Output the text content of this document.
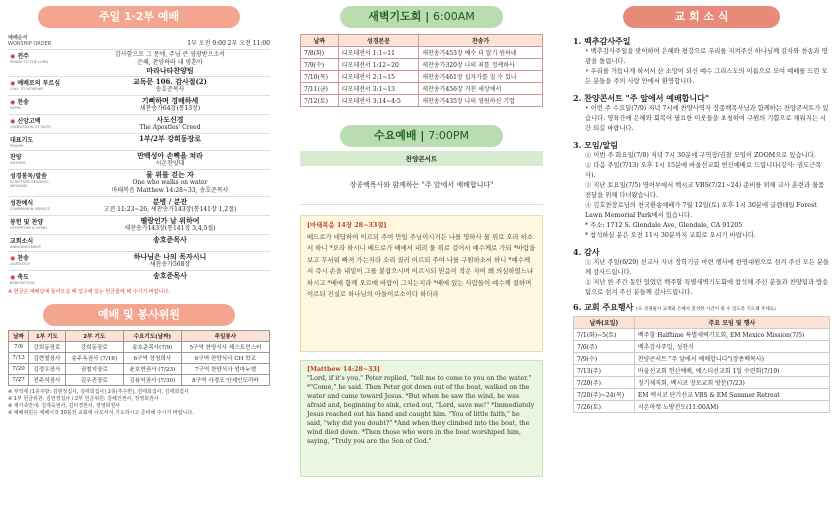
주일 1·2부 예배
예배순서
WORSHIP ORDER	1부 오전 9:00 2부 오전 11:00
◉ 전주
PRAISE TO THE LORD
감사함으로 그 문에, 주님 큰 영광받으소서
은혜, 찬양하라 내 영혼아
마라나타찬양팀
◉ 예배로의 부르심
CALL TO WORSHIP
교독문 106. 감사절(2)
송호준목사
◉ 찬송
HYMN
기뻐하며 경배하세
새찬송가64장(통13장)
◉ 신앙고백
CONFESSION OF FAITH
사도신경
The Apostles' Creed
대표기도
PRAYER
1부/2부 강희동장로
찬양
ANTHEM
만백성아 손뼉을 쳐라
시온찬양대
성경봉독/말씀
SCRIPTURE READING / MESSAGE
물 위를 걷는 자
One who walks on water
마태복음 Matthew 14:28~33, 송호준목사
성찬예식
COMMUNION SERVICE
분병 / 분잔
고전 11:23~26, 새찬송가143장(통141장 1,2절)
봉헌 및 찬양
OFFERTORY & HYMN
펠랑인가 날 위하여
새찬송가143장(통141장 3,4,5절)
교회소식
ANNOUNCEMENT
송호준목사
◉ 찬송
DOXOLOGY
하나님은 나의 목자시니
새찬송가568장
◉ 축도
BENEDICTION
송호준목사
※ 헌금은 예배당에 들어오실 때 입구에 있는 헌금함에 해 주시기 바랍니다.
예배 및 봉사위원
날짜	1부 기도	2부 기도	수요기도(날짜)	주일봉사
7/6	강희동장로	강희동장로	송호준목사(7/9)	5구역 찬양식사 헤스트민스터
7/13	김현철장사	송주옥권사 (7/16)	6구역 장청희사	6구역 찬양식사 CH 학교
7/20	김정우장사	권철지장로	윤호현권사 (7/23)	7구역 찬양식사 엄마누엘
7/27	전주석장사	김우진장로	김용익권사 (7/30)	8구역 사경조 안세인도리바
※ 부엌에 (1층주방: 김현정집사, 김태희집사) 2층(추수반), 김태희집사, 김태희집사
※ 1부 헌금위원: 김연정집사 / 2부 헌금위원: 김혜진권사, 정영희권사
※ 새가족안내: 김재숙권사, 김미경권사, 정영희권사
※ 예배위원은 예배시작 30분전 교회에 나오셔서 기도하시고 준비해 주시기 바랍니다.
새벽기도회 | 6:00AM
날짜	성경본문	찬송가
7/8(화)	디모데전서 1:1~11	새찬송가453장 예수 더 알기 원하네
7/9(수)	디모데전서 1:12~20	새찬송가320장 나의 죄를 정케하사
7/10(목)	디모데전서 2:1~15	새찬송가461장 십자가를 질 수 있나
7/11(금)	디모데전서 3:1~13	새찬송가456장 거친 세상에서
7/12(토)	디모데전서 3:14~4:5	새찬송가435장 나의 영원하신 기업
수요예배 | 7:00PM
찬양콘서트
장종백목사와 함께하는 "주 앞에서 예배합니다"
[마태복음 14장 28~33절]
베드로가 대답하여 이르되 주여 만일 주님이시거든 나를 명하사 물 위로 오라 하소서 하니 *오라 하시니 베드로가 배에서 내려 물 위로 걸어서 예수께로 가되 *바람을 보고 무서워 빠져 가는지라 소리 질러 이르되 주여 나를 구원하소서 하니 *예수께서 즉시 손을 내밀어 그를 붙잡으시며 이르시되 믿음이 작은 자여 왜 의심하였느냐 하시고 *배에 함께 오르매 바람이 그치는지라 *배에 있는 사람들이 예수께 절하며 이르되 진실로 하나님의 아들이로소이다 하더라
[Matthew 14:28~33]
"Lord, if it's you," Peter replied, "tell me to come to you on the water." *"Come," he said. Then Peter got down out of the boat, walked on the water and came toward Jesus. *But when he saw the wind, he was afraid and, beginning to sink, cried out, "Lord, save me!" *Immediately Jesus reached out his hand and caught him. "You of little faith," he said, "why did you doubt?" *And when they climbed into the boat, the wind died down. *Then those who were in the boat worshiped him, saying, "Truly you are the Son of God."
교 회 소 식
1. 백추감사주일
• 백추감사주일을 맞이하여 은혜와 평강으로 우리를 지켜주신 하나님께 감사와 찬송과 영광을 돌립니다.
• 우리를 거듭나게 하셔서 산 소망이 되신 예수 그리스도의 이름으로 모여 예배를 드린 모든 분들을 주의 사랑 안에서 환영합니다.
2. 찬양콘서트 "주 앞에서 예배합니다"
• 이번 주 수요일(7/9) 저녁 7시에 찬양사역자 장종백목사님과 함께하는 찬양콘서트가 있습니다. 영육간에 은혜와 회복이 필요한 이웃들을 초청하여 구원의 기쁨으로 채워지는 시간 되길 바랍니다.
3. 모임/알림
① 이번 주 화요일(7/8) 저녁 7시 30분에 구역장/권찰 모임이 ZOOM으로 있습니다.
② 다음 주일(7/13) 오후 1시 15분에 바울선교회 헌신예배로 드립니다(강사: 권도근목사).
③ 지난 토요일(7/5) 영어부에서 벡시코 VBS(7/21~24) 준비를 위해 교사 훈련과 물품전달을 위해 다녀왔습니다.
④ 김호찬장로님의 천국환송예배가 7월 12일(토) 오후 1시 30분에 글렌데일 Forest Lawn Memorial Park에서 있습니다.
* 주소: 1712 S. Glendale Ave, Glendale, CA 91205
* 참석하실 분은 오전 11시 30분까지 교회로 오시기 바랍니다.
4. 감사
① 지난 주일(6/29) 선교사 자녀 장학기금 마련 행사에 한영대원으로 섬겨 주신 모든 분들께 감사드립니다.
② 지난 한 주간 동안 있었던 백주할 특별새벽기도회에 참석해 주신 분들과 찬양팀과 방송팀으로 섬겨 주신 분들께 감사드립니다.
6. 교회 주요행사 (※ 성경필사 교재와 은혜사 봉성한 시간이 될 수 있도록 기도해 주세요)
날짜(요일)	주요 모임 및 행사
7/1(화)~5(토)	백주할 Halftime 특별새벽기도회, EM Mexico Mission(7/5)
7/6(주)	백추감사주일, 성찬식
7/9(수)	찬양콘서트 "주 앞에서 예배합니다"(장종백목사)
7/13(주)	바울선교회 헌신예배, 에스더선교회 1일 수련회(7/19)
7/20(주)	정기제직회, 벡시코 장로교회 방문(7/23)
7/20(주)~24(목)	EM 멕시코 단기선교 VBS & EM Summer Retreat
7/26(토)	시온마켓 노방전도(11:00AM)
